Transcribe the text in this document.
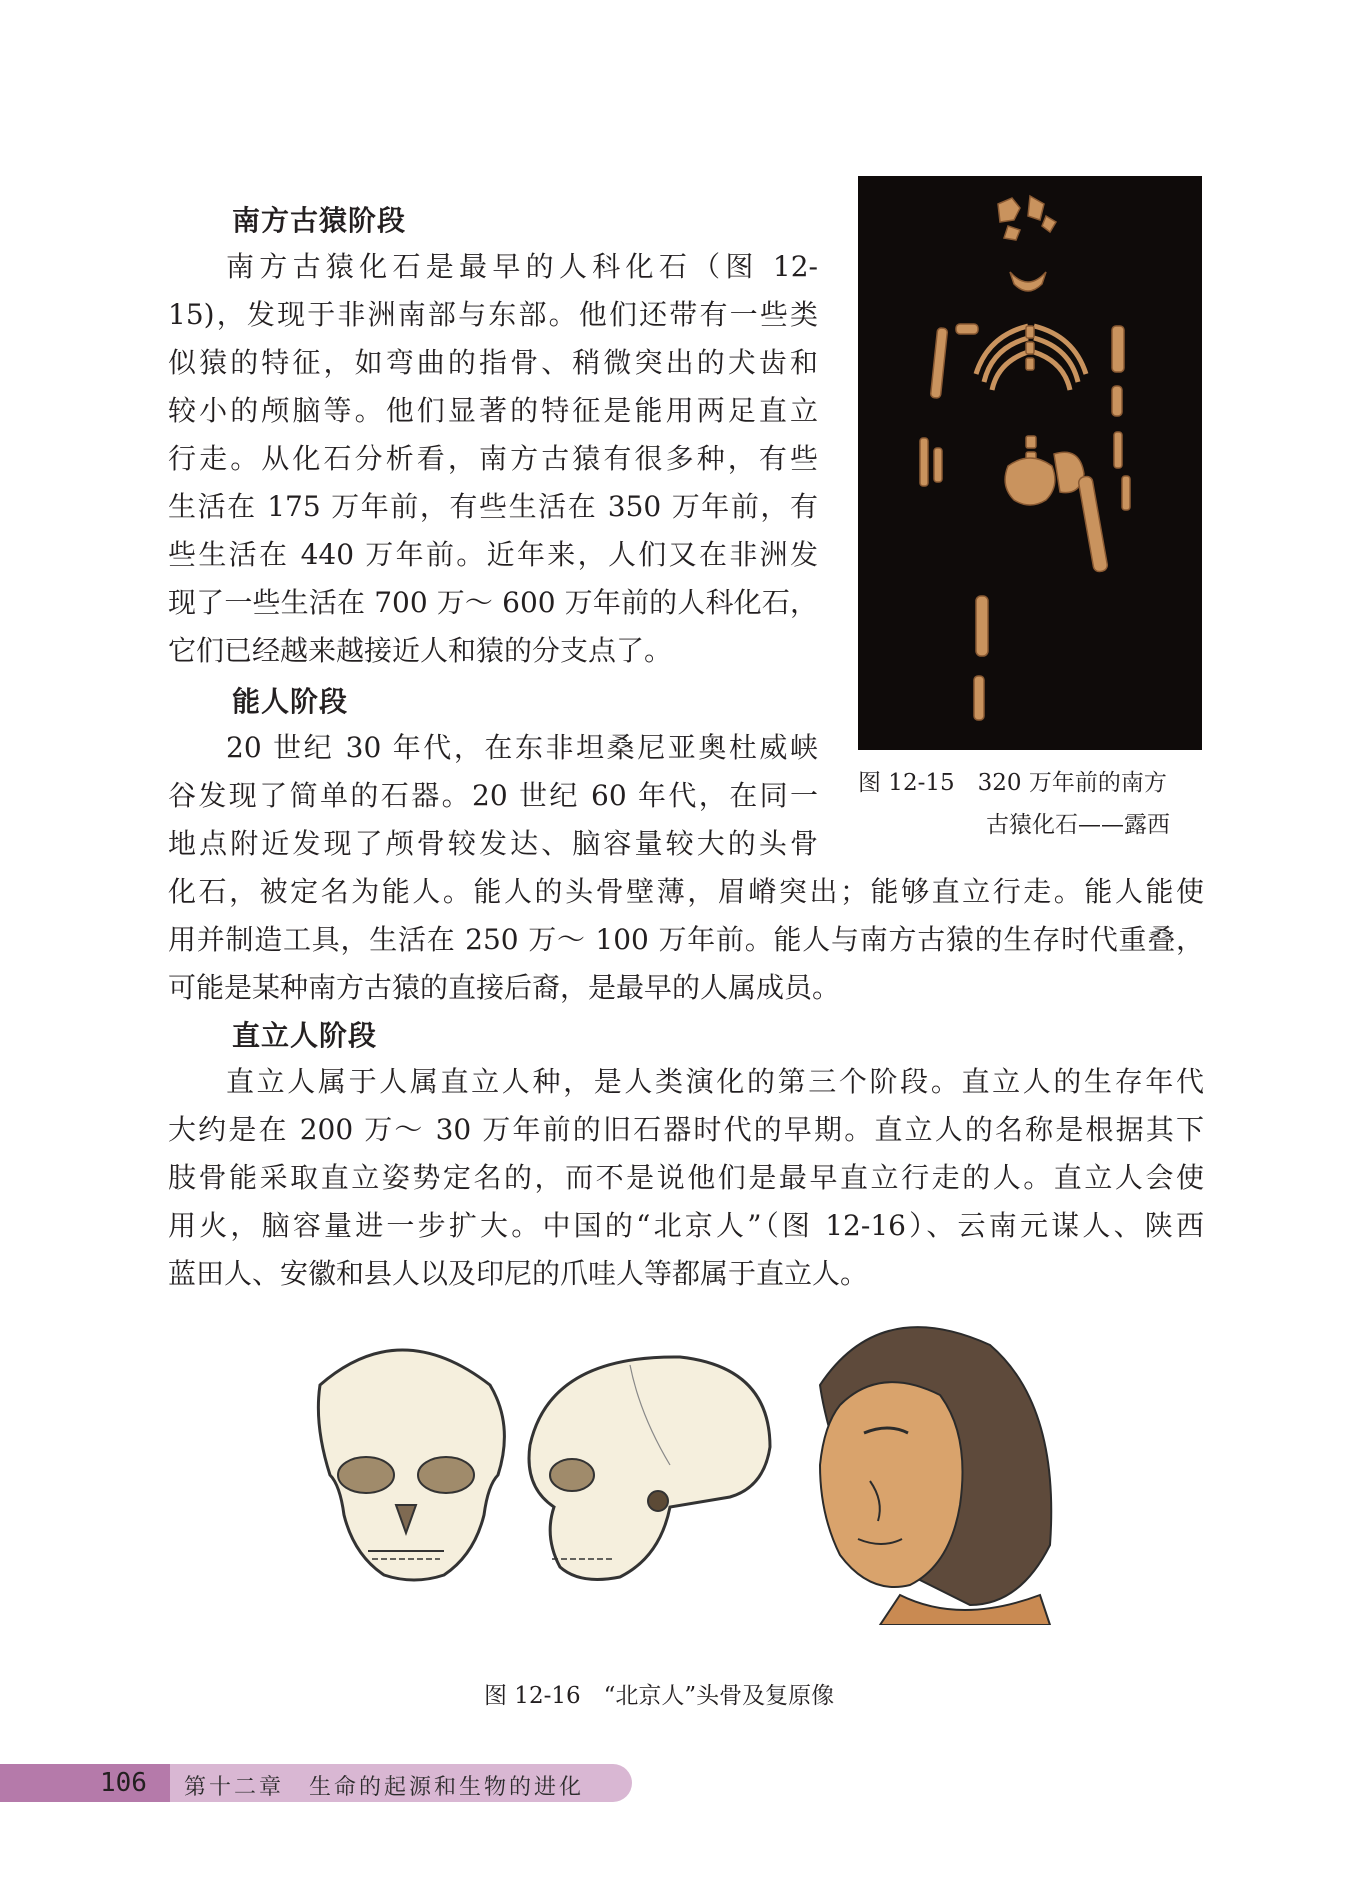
南方古猿阶段
南方古猿化石是最早的人科化石（图 12-
15)，发现于非洲南部与东部。他们还带有一些类
似猿的特征，如弯曲的指骨、稍微突出的犬齿和
较小的颅脑等。他们显著的特征是能用两足直立
行走。从化石分析看，南方古猿有很多种，有些
生活在 175 万年前，有些生活在 350 万年前，有
些生活在 440 万年前。近年来，人们又在非洲发
现了一些生活在 700 万～ 600 万年前的人科化石，
它们已经越来越接近人和猿的分支点了。
能人阶段
20 世纪 30 年代，在东非坦桑尼亚奥杜威峡
谷发现了简单的石器。20 世纪 60 年代，在同一
地点附近发现了颅骨较发达、脑容量较大的头骨
化石，被定名为能人。能人的头骨壁薄，眉嵴突出；能够直立行走。能人能使
用并制造工具，生活在 250 万～ 100 万年前。能人与南方古猿的生存时代重叠，
可能是某种南方古猿的直接后裔，是最早的人属成员。
直立人阶段
直立人属于人属直立人种，是人类演化的第三个阶段。直立人的生存年代
大约是在 200 万～ 30 万年前的旧石器时代的早期。直立人的名称是根据其下
肢骨能采取直立姿势定名的，而不是说他们是最早直立行走的人。直立人会使
用火，脑容量进一步扩大。中国的“北京人”（图 12-16）、云南元谋人、陕西
蓝田人、安徽和县人以及印尼的爪哇人等都属于直立人。
图 12-15　320 万年前的南方
古猿化石——露西
图 12-16　“北京人”头骨及复原像
106 第十二章　生命的起源和生物的进化
